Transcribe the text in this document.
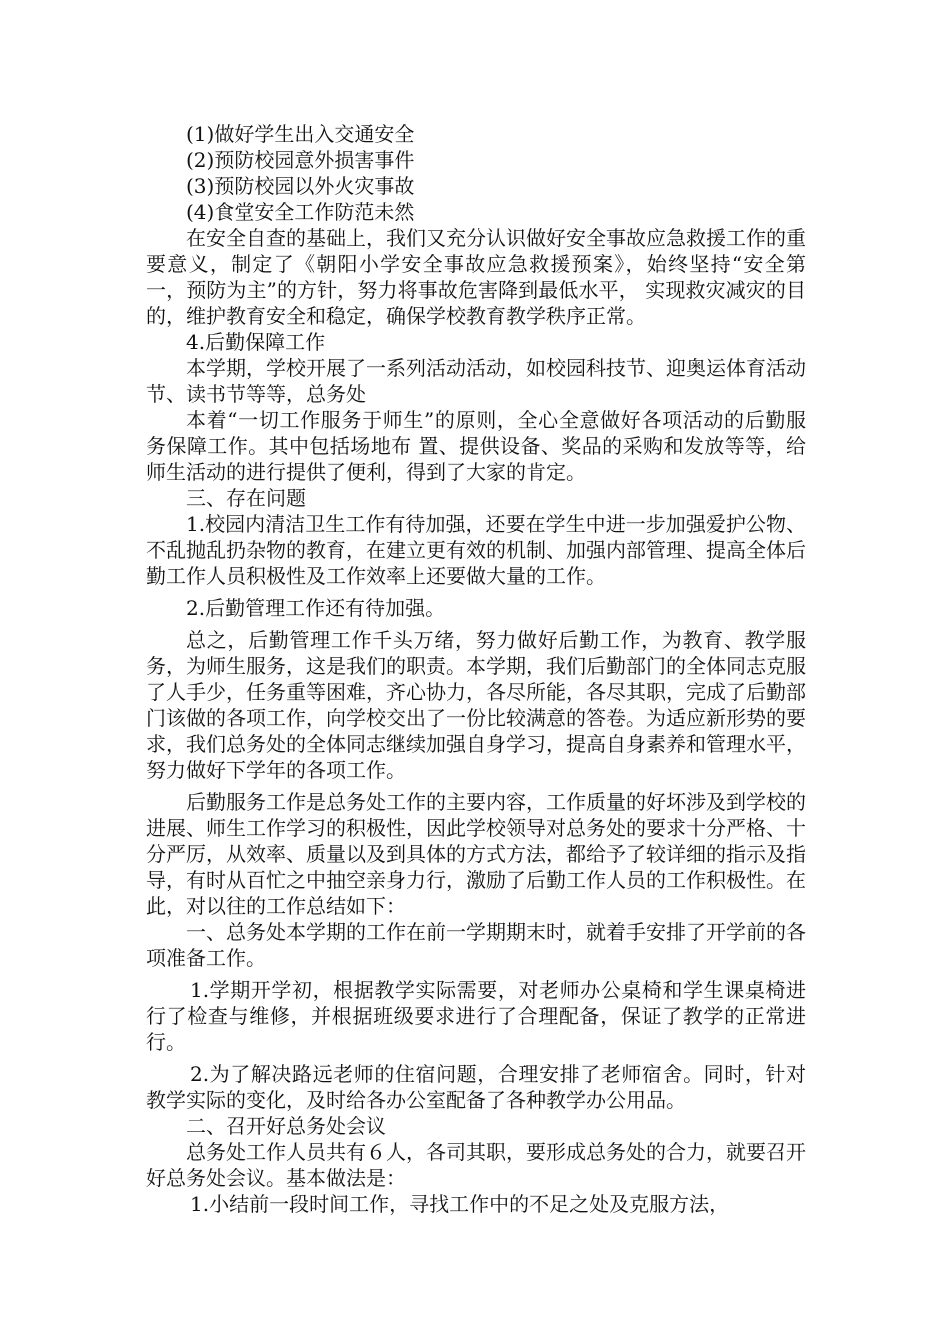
(1)做好学生出入交通安全

(2)预防校园意外损害事件

(3)预防校园以外火灾事故

(4)食堂安全工作防范未然

在安全自查的基础上，我们又充分认识做好安全事故应急救援工作的重要意义，制定了《朝阳小学安全事故应急救援预案》，始终坚持“安全第一，预防为主”的方针，努力将事故危害降到最低水平， 实现救灾减灾的目的，维护教育安全和稳定，确保学校教育教学秩序正常。

4.后勤保障工作

本学期，学校开展了一系列活动活动，如校园科技节、迎奥运体育活动节、读书节等等，总务处

本着“一切工作服务于师生”的原则，全心全意做好各项活动的后勤服务保障工作。其中包括场地布 置、提供设备、奖品的采购和发放等等，给师生活动的进行提供了便利，得到了大家的肯定。

三、存在问题

1.校园内清洁卫生工作有待加强，还要在学生中进一步加强爱护公物、不乱抛乱扔杂物的教育，在建立更有效的机制、加强内部管理、提高全体后勤工作人员积极性及工作效率上还要做大量的工作。

2.后勤管理工作还有待加强。

总之，后勤管理工作千头万绪，努力做好后勤工作，为教育、教学服务，为师生服务，这是我们的职责。本学期，我们后勤部门的全体同志克服了人手少，任务重等困难，齐心协力，各尽所能，各尽其职，完成了后勤部门该做的各项工作，向学校交出了一份比较满意的答卷。为适应新形势的要求，我们总务处的全体同志继续加强自身学习，提高自身素养和管理水平，努力做好下学年的各项工作。

后勤服务工作是总务处工作的主要内容，工作质量的好坏涉及到学校的进展、师生工作学习的积极性，因此学校领导对总务处的要求十分严格、十分严厉，从效率、质量以及到具体的方式方法，都给予了较详细的指示及指导，有时从百忙之中抽空亲身力行，激励了后勤工作人员的工作积极性。在此，对以往的工作总结如下：

一、总务处本学期的工作在前一学期期末时，就着手安排了开学前的各项准备工作。

1.学期开学初，根据教学实际需要，对老师办公桌椅和学生课桌椅进行了检查与维修，并根据班级要求进行了合理配备，保证了教学的正常进行。

2.为了解决路远老师的住宿问题，合理安排了老师宿舍。同时，针对教学实际的变化，及时给各办公室配备了各种教学办公用品。

二、召开好总务处会议

总务处工作人员共有６人，各司其职，要形成总务处的合力，就要召开好总务处会议。基本做法是：

1.小结前一段时间工作，寻找工作中的不足之处及克服方法，
